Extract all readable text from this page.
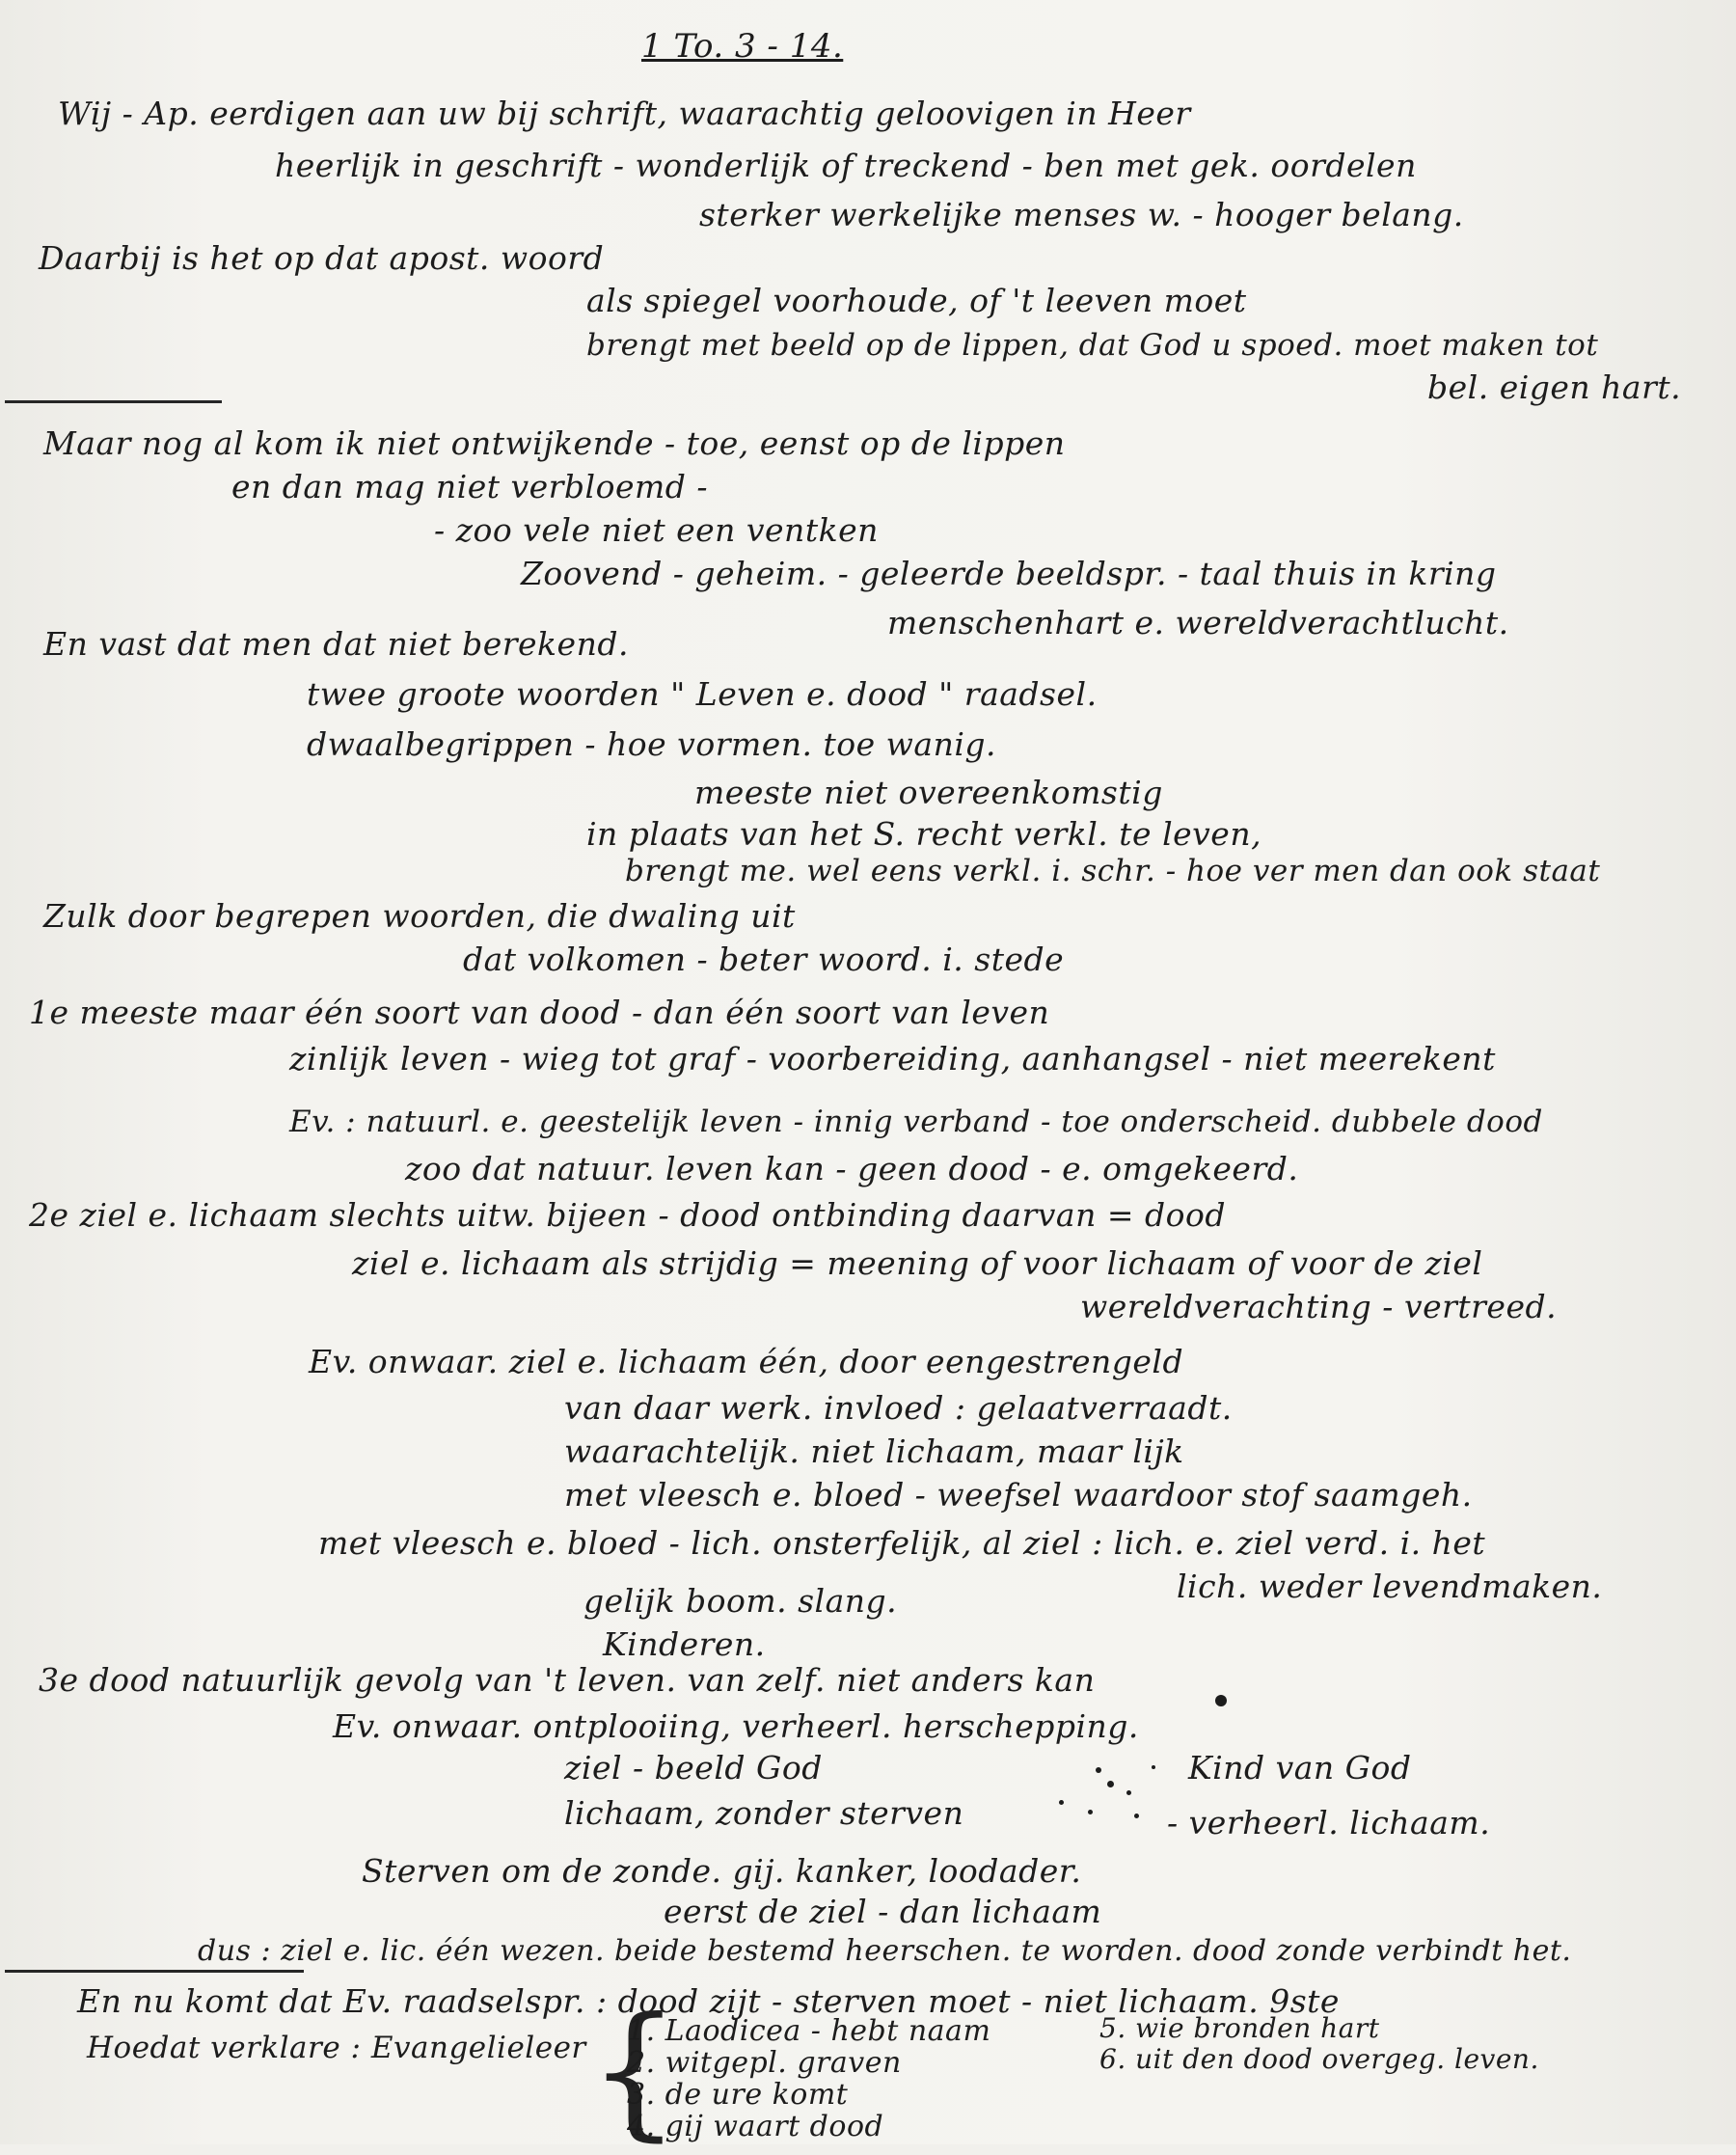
1 To. 3 - 14.
Wij - Ap. eerdigen aan uw bij schrift, waarachtig geloovigen in Heer
heerlijk in geschrift - wonderlijk of treckend - ben met gek. oordelen
sterker werkelijke menses w. - hooger belang.
Daarbij is het op dat apost. woord
als spiegel voorhoude, of 't leeven moet
brengt met beeld op de lippen, dat God u spoed. moet maken tot
bel. eigen hart.
Maar nog al kom ik niet ontwijkende - toe, eenst op de lippen
en dan mag niet verbloemd -
- zoo vele niet een ventken
Zoovend - geheim. - geleerde beeldspr. - taal thuis in kring
menschenhart e. wereldverachtlucht.
En vast dat men dat niet berekend.
twee groote woorden " Leven e. dood " raadsel.
dwaalbegrippen - hoe vormen. toe wanig.
meeste niet overeenkomstig
in plaats van het S. recht verkl. te leven,
brengt me. wel eens verkl. i. schr. - hoe ver men dan ook staat
Zulk door begrepen woorden, die dwaling uit
dat volkomen - beter woord. i. stede
1e meeste maar één soort van dood - dan één soort van leven
zinlijk leven - wieg tot graf - voorbereiding, aanhangsel - niet meerekent
Ev. : natuurl. e. geestelijk leven - innig verband - toe onderscheid. dubbele dood
zoo dat natuur. leven kan - geen dood - e. omgekeerd.
2e ziel e. lichaam slechts uitw. bijeen - dood ontbinding daarvan = dood
ziel e. lichaam als strijdig = meening of voor lichaam of voor de ziel
wereldverachting - vertreed.
Ev. onwaar. ziel e. lichaam één, door eengestrengeld
van daar werk. invloed : gelaatverraadt.
waarachtelijk. niet lichaam, maar lijk
met vleesch e. bloed - weefsel waardoor stof saamgeh.
met vleesch e. bloed - lich. onsterfelijk, al ziel : lich. e. ziel verd. i. het
lich. weder levendmaken.
gelijk boom. slang.
Kinderen.
3e dood natuurlijk gevolg van 't leven. van zelf. niet anders kan
Ev. onwaar. ontplooiing, verheerl. herschepping.
ziel - beeld God	Kind van God
lichaam, zonder sterven	- verheerl. lichaam.
Sterven om de zonde. gij. kanker, loodader.
eerst de ziel - dan lichaam
dus : ziel e. lic. één wezen. beide bestemd heerschen. te worden. dood zonde verbindt het.
En nu komt dat Ev. raadselspr. : dood zijt - sterven moet - niet lichaam. 9ste
Hoedat verklare : Evangelieleer {
1. Laodicea - hebt naam
2. witgepl. graven
3. de ure komt
4. gij waart dood
5. wie bronden hart
6. uit den dood overgeg. leven.
